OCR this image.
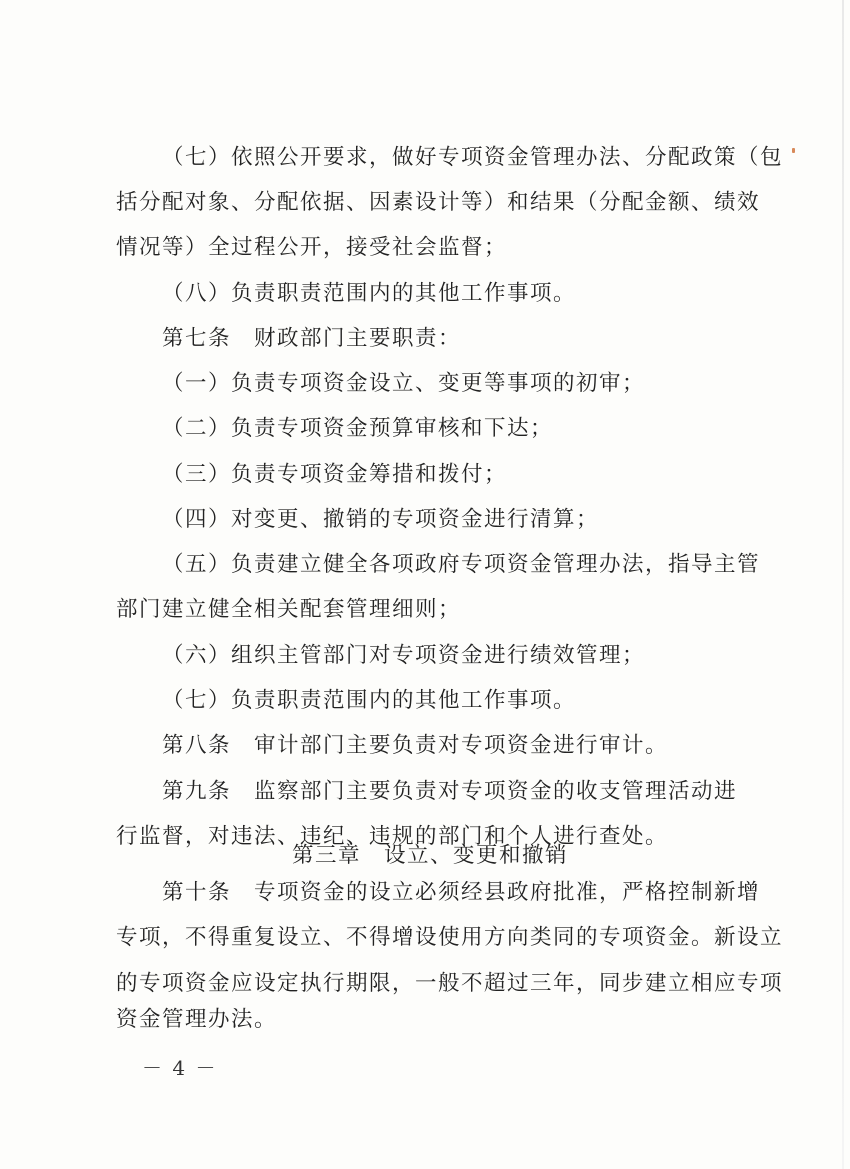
（七）依照公开要求，做好专项资金管理办法、分配政策（包
括分配对象、分配依据、因素设计等）和结果（分配金额、绩效
情况等）全过程公开，接受社会监督；
（八）负责职责范围内的其他工作事项。
第七条　财政部门主要职责：
（一）负责专项资金设立、变更等事项的初审；
（二）负责专项资金预算审核和下达；
（三）负责专项资金筹措和拨付；
（四）对变更、撤销的专项资金进行清算；
（五）负责建立健全各项政府专项资金管理办法，指导主管
部门建立健全相关配套管理细则；
（六）组织主管部门对专项资金进行绩效管理；
（七）负责职责范围内的其他工作事项。
第八条　审计部门主要负责对专项资金进行审计。
第九条　监察部门主要负责对专项资金的收支管理活动进
行监督，对违法、违纪、违规的部门和个人进行查处。
第三章　设立、变更和撤销
第十条　专项资金的设立必须经县政府批准，严格控制新增
专项，不得重复设立、不得增设使用方向类同的专项资金。新设立
的专项资金应设定执行期限，一般不超过三年，同步建立相应专项
资金管理办法。
－ 4 －
